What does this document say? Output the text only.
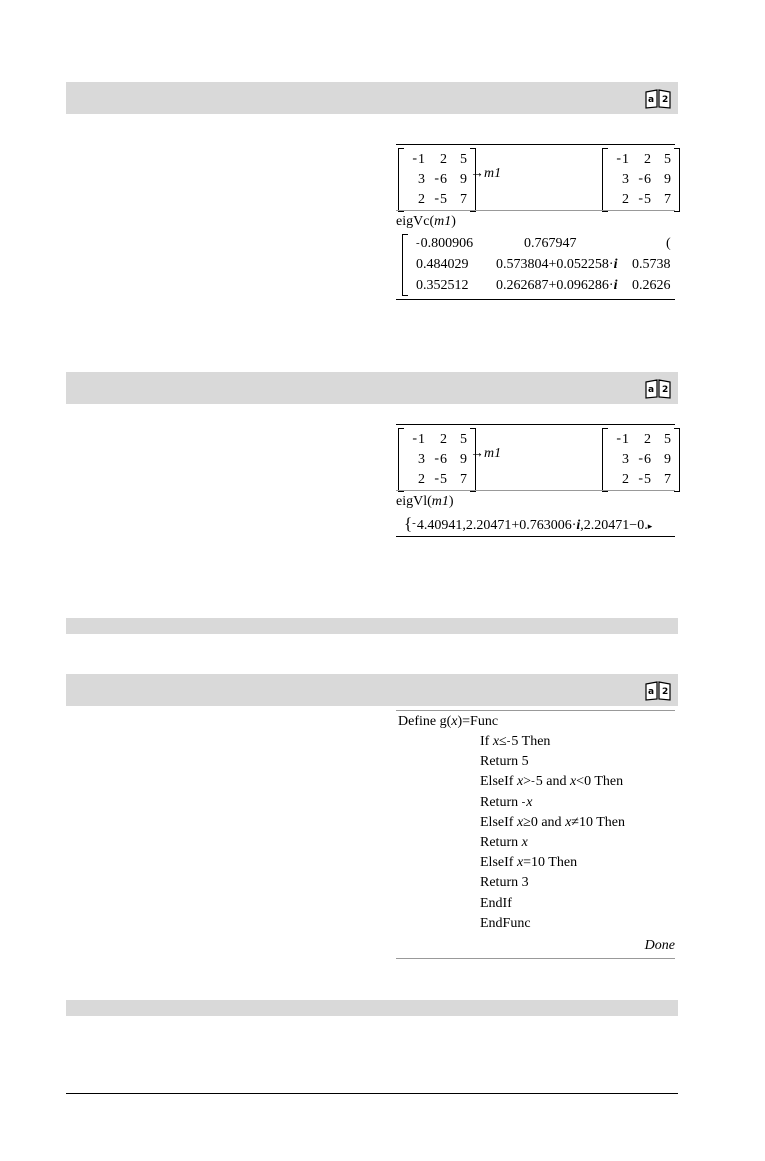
a 2
-1	2 5
3 -6 9
2 -5 7
→m1
-1	2 5
3 -6 9
2 -5 7
eigVc(m1)
-0.800906	0.767947	(
0.484029 0.573804+0.052258·i 0.5738
0.352512 0.262687+0.096286·i 0.2626
a 2
-1	2 5
3 -6 9
2 -5 7
→m1
-1	2 5
3 -6 9
2 -5 7
eigVl(m1)
{-4.40941,2.20471+0.763006·i,2.20471−0.▸
a 2
Define g(x)=Func
If x≤-5 Then
Return 5
ElseIf x>-5 and x<0 Then
Return -x
ElseIf x≥0 and x≠10 Then
Return x
ElseIf x=10 Then
Return 3
EndIf
EndFunc
Done
